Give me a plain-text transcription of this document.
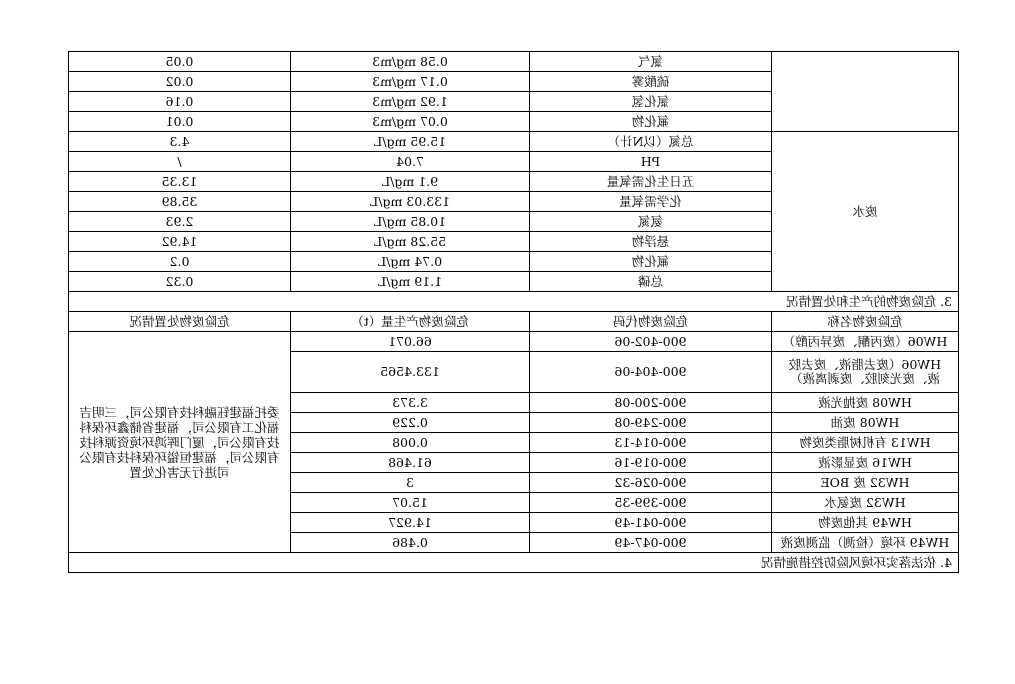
	氯气	0.58 mg/m3	0.05
	硫酸雾	0.17 mg/m3	0.02
	氯化氢	1.92 mg/m3	0.16
	氟化物	0.07 mg/m3	0.01
废水	总氮（以N计）	15.95 mg/L	4.3
	PH	7.04	/
	五日生化需氧量	9.1 mg/L	13.35
	化学需氧量	133.03 mg/L	35.89
	氨氮	10.85 mg/L	2.93
	悬浮物	55.28 mg/L	14.92
	氟化物	0.74 mg/L	0.2
	总磷	1.19 mg/L	0.32
3. 危险废物的产生和处置情况			
危险废物名称	危险废物代码	危险废物产生量（t）	危险废物处置情况
HW06（废丙酮、废异丙醇）	900-402-06	66.071	委托福建钰融科技有限公司，三明吉福化工有限公司，福建省储鑫环保科技有限公司，厦门晖鸿环境资源科技有限公司，福建恒镒环保科技有限公司进行无害化处置
HW06（废去脂液、废去胶液、废光刻胶、废剥离液）	900-404-06	133.4565	
HW08 废抛光液	900-200-08	3.373	
HW08 废油	900-249-08	0.229	
HW13 有机树脂类废物	900-014-13	0.008	
HW16 废显影液	900-019-16	61.468	
HW32 废 BOE	900-026-32	3	
HW32 废氨水	900-399-35	15.07	
HW49 其他废物	900-041-49	14.927	
HW49 环境（检测）监测废液	900-047-49	0.486	
4. 依法落实环境风险防控措施情况			
